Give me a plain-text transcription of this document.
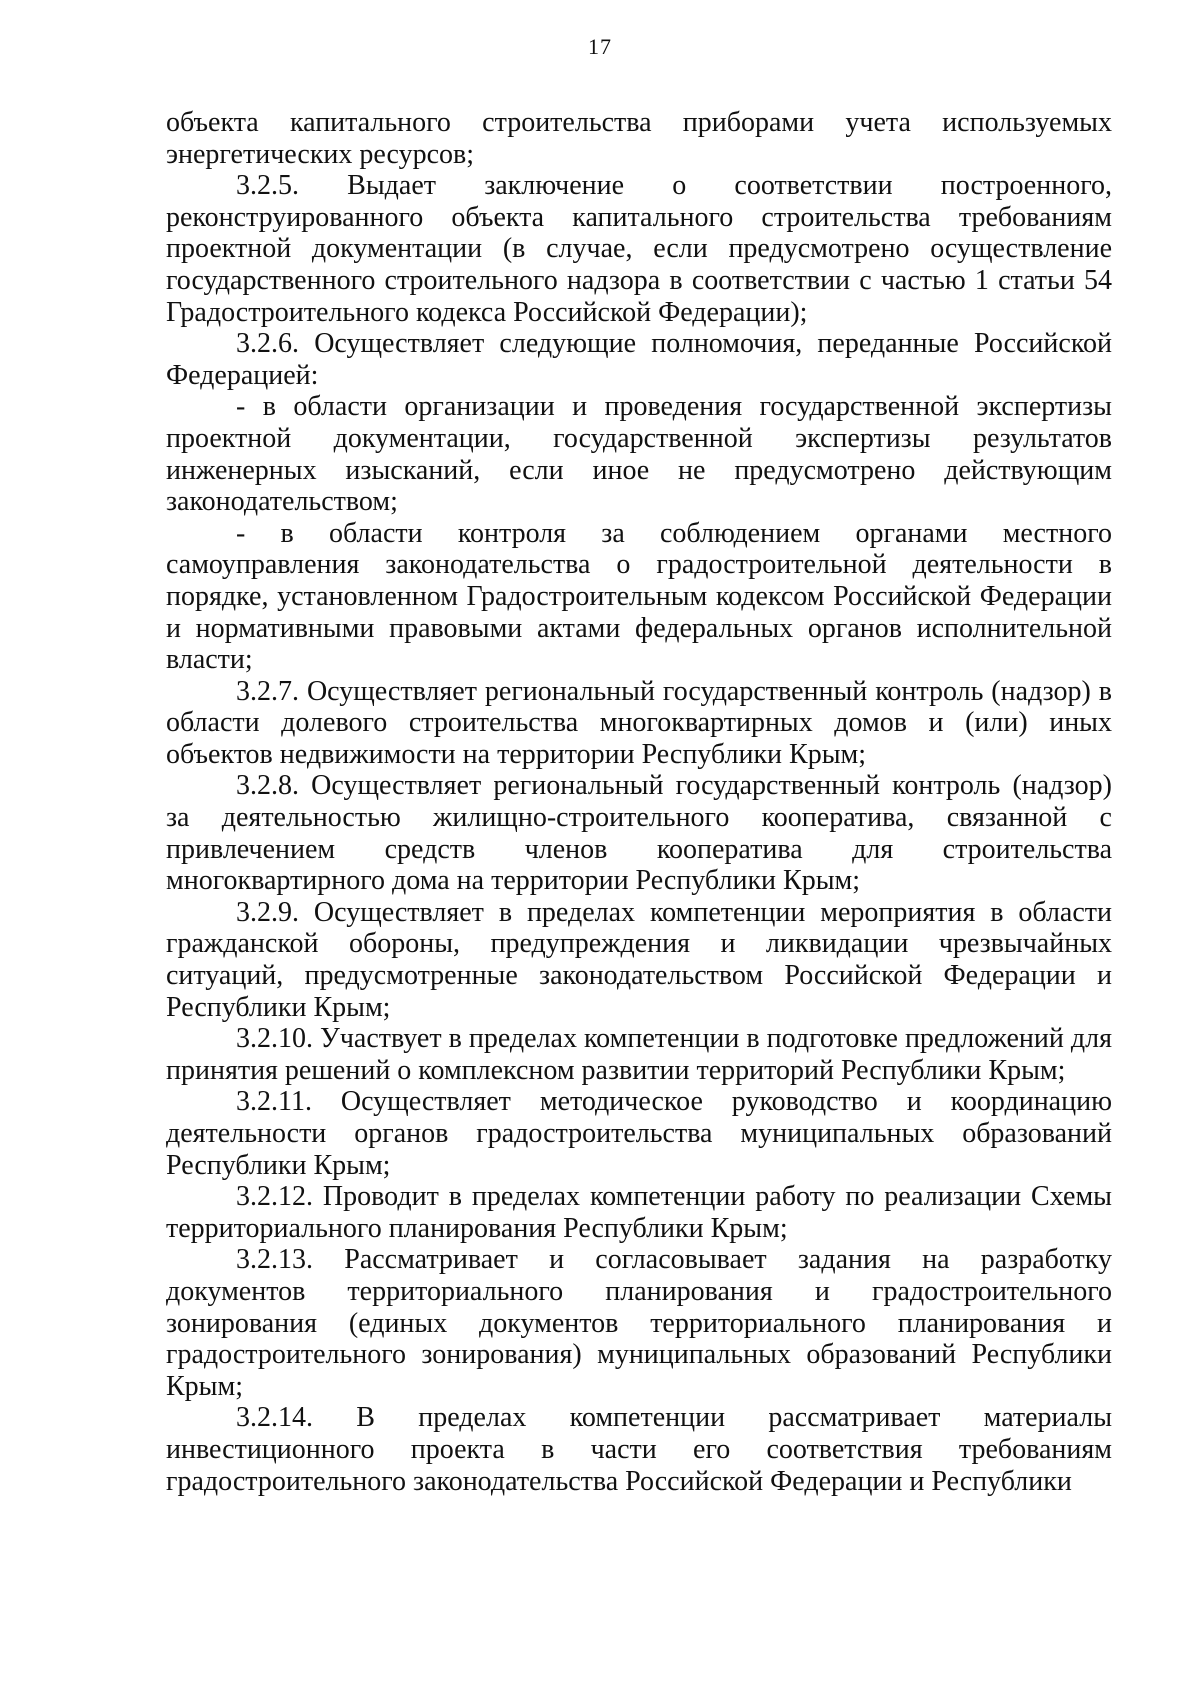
17

объекта капитального строительства приборами учета используемых энергетических ресурсов;

3.2.5. Выдает заключение о соответствии построенного, реконструированного объекта капитального строительства требованиям проектной документации (в случае, если предусмотрено осуществление государственного строительного надзора в соответствии с частью 1 статьи 54 Градостроительного кодекса Российской Федерации);

3.2.6. Осуществляет следующие полномочия, переданные Российской Федерацией:

- в области организации и проведения государственной экспертизы проектной документации, государственной экспертизы результатов инженерных изысканий, если иное не предусмотрено действующим законодательством;

- в области контроля за соблюдением органами местного самоуправления законодательства о градостроительной деятельности в порядке, установленном Градостроительным кодексом Российской Федерации и нормативными правовыми актами федеральных органов исполнительной власти;

3.2.7. Осуществляет региональный государственный контроль (надзор) в области долевого строительства многоквартирных домов и (или) иных объектов недвижимости на территории Республики Крым;

3.2.8. Осуществляет региональный государственный контроль (надзор) за деятельностью жилищно-строительного кооператива, связанной с привлечением средств членов кооператива для строительства многоквартирного дома на территории Республики Крым;

3.2.9. Осуществляет в пределах компетенции мероприятия в области гражданской обороны, предупреждения и ликвидации чрезвычайных ситуаций, предусмотренные законодательством Российской Федерации и Республики Крым;

3.2.10. Участвует в пределах компетенции в подготовке предложений для принятия решений о комплексном развитии территорий Республики Крым;

3.2.11. Осуществляет методическое руководство и координацию деятельности органов градостроительства муниципальных образований Республики Крым;

3.2.12. Проводит в пределах компетенции работу по реализации Схемы территориального планирования Республики Крым;

3.2.13. Рассматривает и согласовывает задания на разработку документов территориального планирования и градостроительного зонирования (единых документов территориального планирования и градостроительного зонирования) муниципальных образований Республики Крым;

3.2.14. В пределах компетенции рассматривает материалы инвестиционного проекта в части его соответствия требованиям градостроительного законодательства Российской Федерации и Республики
